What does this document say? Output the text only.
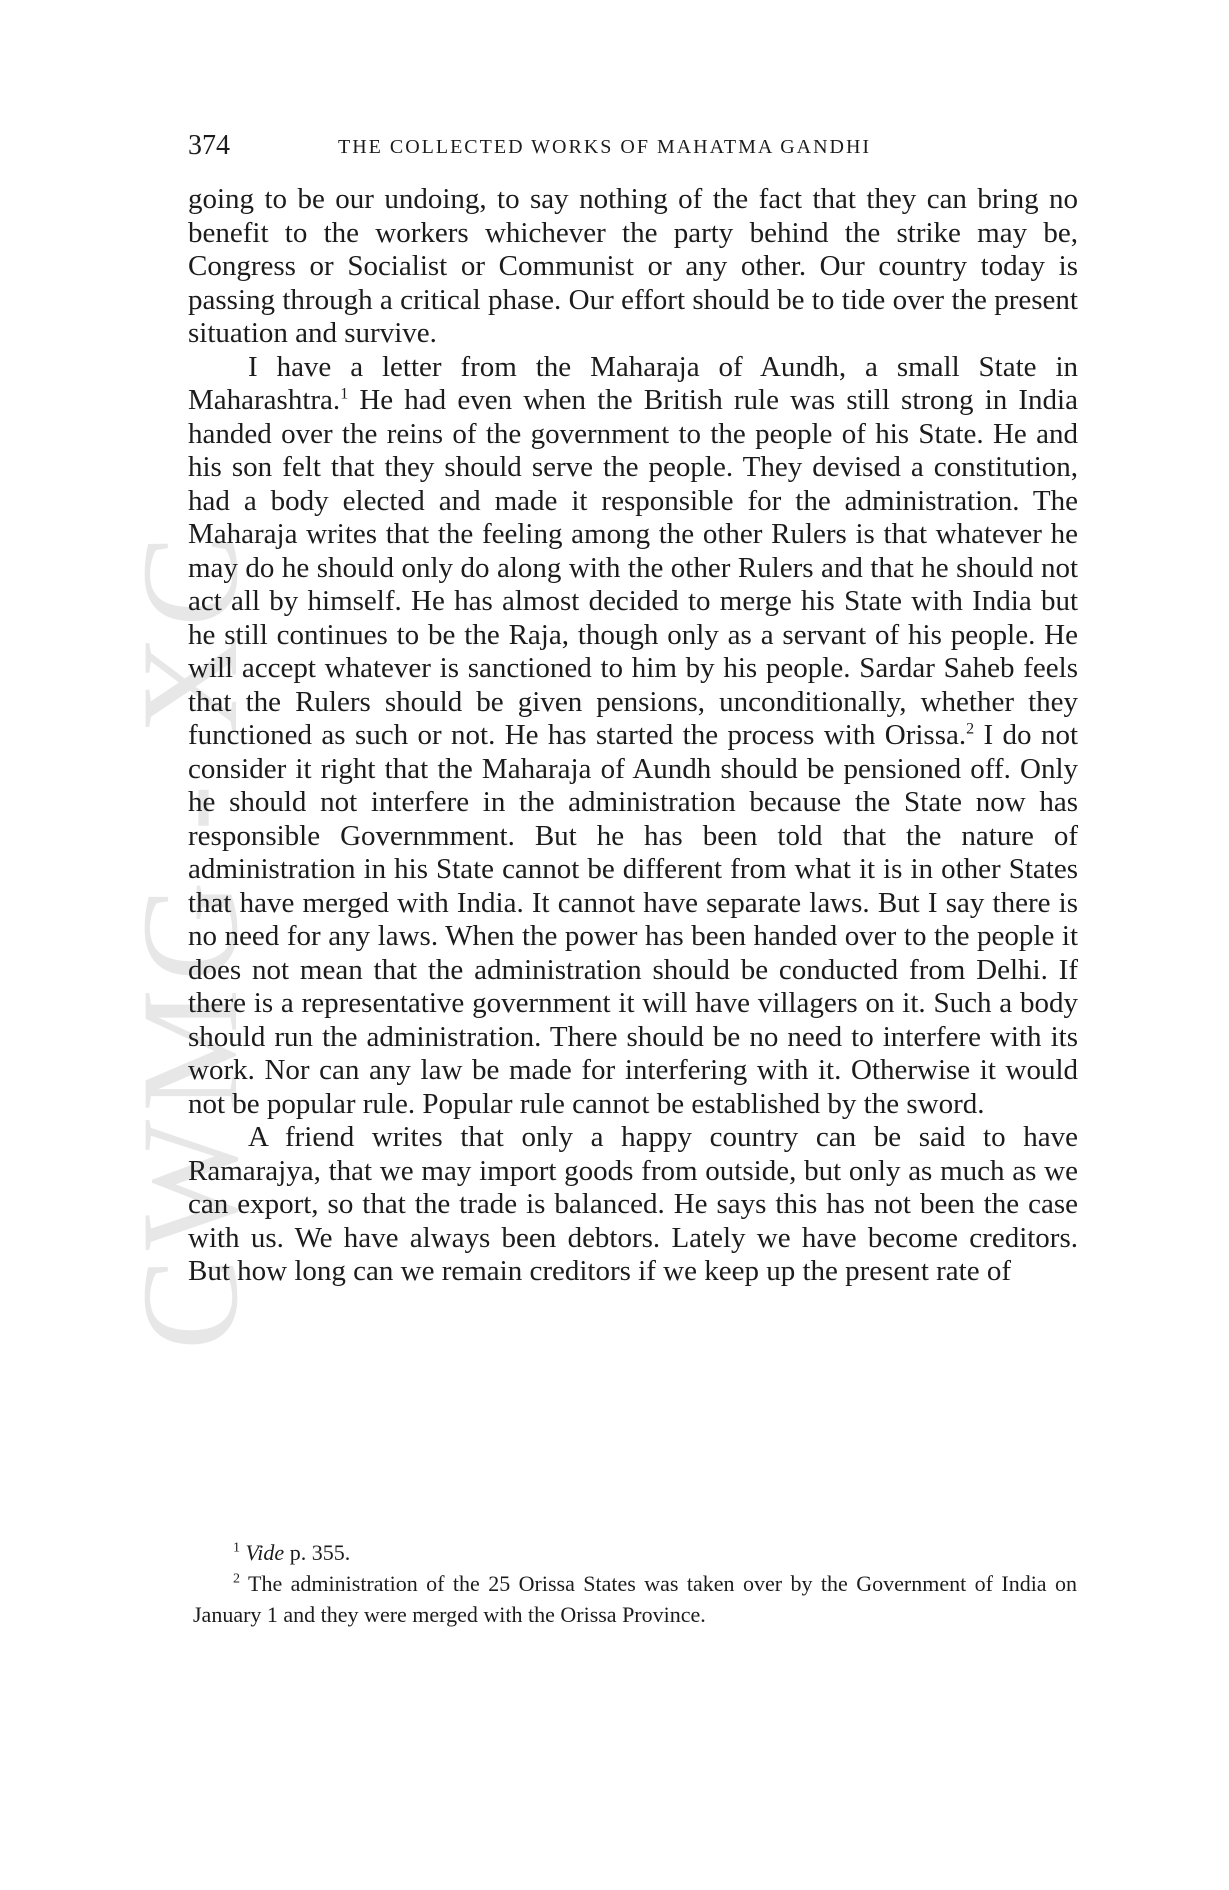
CWMG - XC
374	THE COLLECTED WORKS OF MAHATMA GANDHI

going to be our undoing, to say nothing of the fact that they can bring no benefit to the workers whichever the party behind the strike may be, Congress or Socialist or Communist or any other. Our country today is passing through a critical phase. Our effort should be to tide over the present situation and survive.

I have a letter from the Maharaja of Aundh, a small State in Maharashtra.$^1$ He had even when the British rule was still strong in India handed over the reins of the government to the people of his State. He and his son felt that they should serve the people. They devised a constitution, had a body elected and made it responsible for the administration. The Maharaja writes that the feeling among the other Rulers is that whatever he may do he should only do along with the other Rulers and that he should not act all by himself. He has almost decided to merge his State with India but he still continues to be the Raja, though only as a servant of his people. He will accept whatever is sanctioned to him by his people. Sardar Saheb feels that the Rulers should be given pensions, unconditionally, whether they functioned as such or not. He has started the process with Orissa.$^2$ I do not consider it right that the Maharaja of Aundh should be pensioned off. Only he should not interfere in the administration because the State now has responsible Governmment. But he has been told that the nature of administration in his State cannot be different from what it is in other States that have merged with India. It cannot have separate laws. But I say there is no need for any laws. When the power has been handed over to the people it does not mean that the administration should be conducted from Delhi. If there is a representative government it will have villagers on it. Such a body should run the administration. There should be no need to interfere with its work. Nor can any law be made for interfering with it. Otherwise it would not be popular rule. Popular rule cannot be established by the sword.

A friend writes that only a happy country can be said to have Ramarajya, that we may import goods from outside, but only as much as we can export, so that the trade is balanced. He says this has not been the case with us. We have always been debtors. Lately we have become creditors. But how long can we remain creditors if we keep up the present rate of

$^1$ Vide p. 355.

$^2$ The administration of the 25 Orissa States was taken over by the Government of India on January 1 and they were merged with the Orissa Province.
